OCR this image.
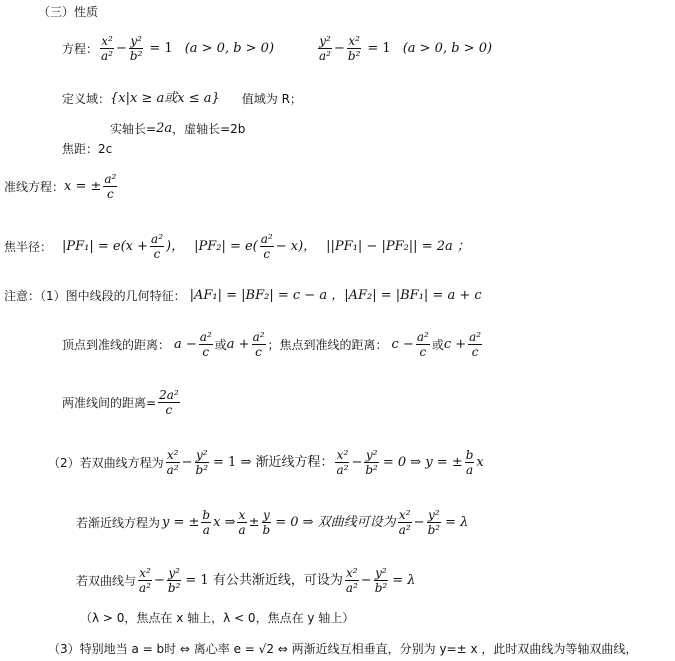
（三）性质
方程： $\frac{\text{x²}}{\text{a²}} - \frac{\text{y²}}{\text{b²}} = 1$ (a > 0, b > 0)	$\frac{\text{y²}}{\text{a²}} - \frac{\text{x²}}{\text{b²}} = 1$ (a > 0, b > 0)
定义域： {x|x ≥ a或x ≤ a} 值域为 R；
实轴长= 2a ，虚轴长=2b
焦距：2c
准线方程： x = ± $\frac{\text{a²}}{c}$
焦半径： $|PF_1| = e(x + \frac{\text{a²}}{c}$ )， $|PF_2| = e( \frac{\text{a²}}{c} - x)$， ||PF₁| − |PF₂|| = 2a ；
注意：（1）图中线段的几何特征： |AF₁| = |BF₂| = c − a ，|AF₂| = |BF₁| = a + c
顶点到准线的距离： $a - \frac{\text{a²}}{c}$ 或 $a + \frac{\text{a²}}{c}$ ；焦点到准线的距离： $c - \frac{\text{a²}}{c}$ 或 $c + \frac{\text{a²}}{c}$
两准线间的距离= $\frac{\text{2a²}}{c}$
（2）若双曲线方程为 $\frac{\text{x²}}{\text{a²}} - \frac{\text{y²}}{\text{b²}} = 1$ ⇒ 渐近线方程： $\frac{\text{x²}}{\text{a²}} - \frac{\text{y²}}{\text{b²}} = 0$ ⇒ y = ± $\frac{b}{a}$ x
若渐近线方程为 y = ± $\frac{b}{a}$ x ⇒ $\frac{x}{a} \pm \frac{y}{b} = 0$ ⇒ 双曲线可设为 $\frac{\text{x²}}{\text{a²}} - \frac{\text{y²}}{\text{b²}} = \lambda$
若双曲线与 $\frac{\text{x²}}{\text{a²}} - \frac{\text{y²}}{\text{b²}} = 1$ 有公共渐近线，可设为 $\frac{\text{x²}}{\text{a²}} - \frac{\text{y²}}{\text{b²}} = \lambda$
（λ > 0，焦点在 x 轴上，λ < 0，焦点在 y 轴上）
（3）特别地当 a = b时 ⇔ 离心率 e = √2 ⇔ 两渐近线互相垂直，分别为 y=± x ，此时双曲线为等轴双曲线，
